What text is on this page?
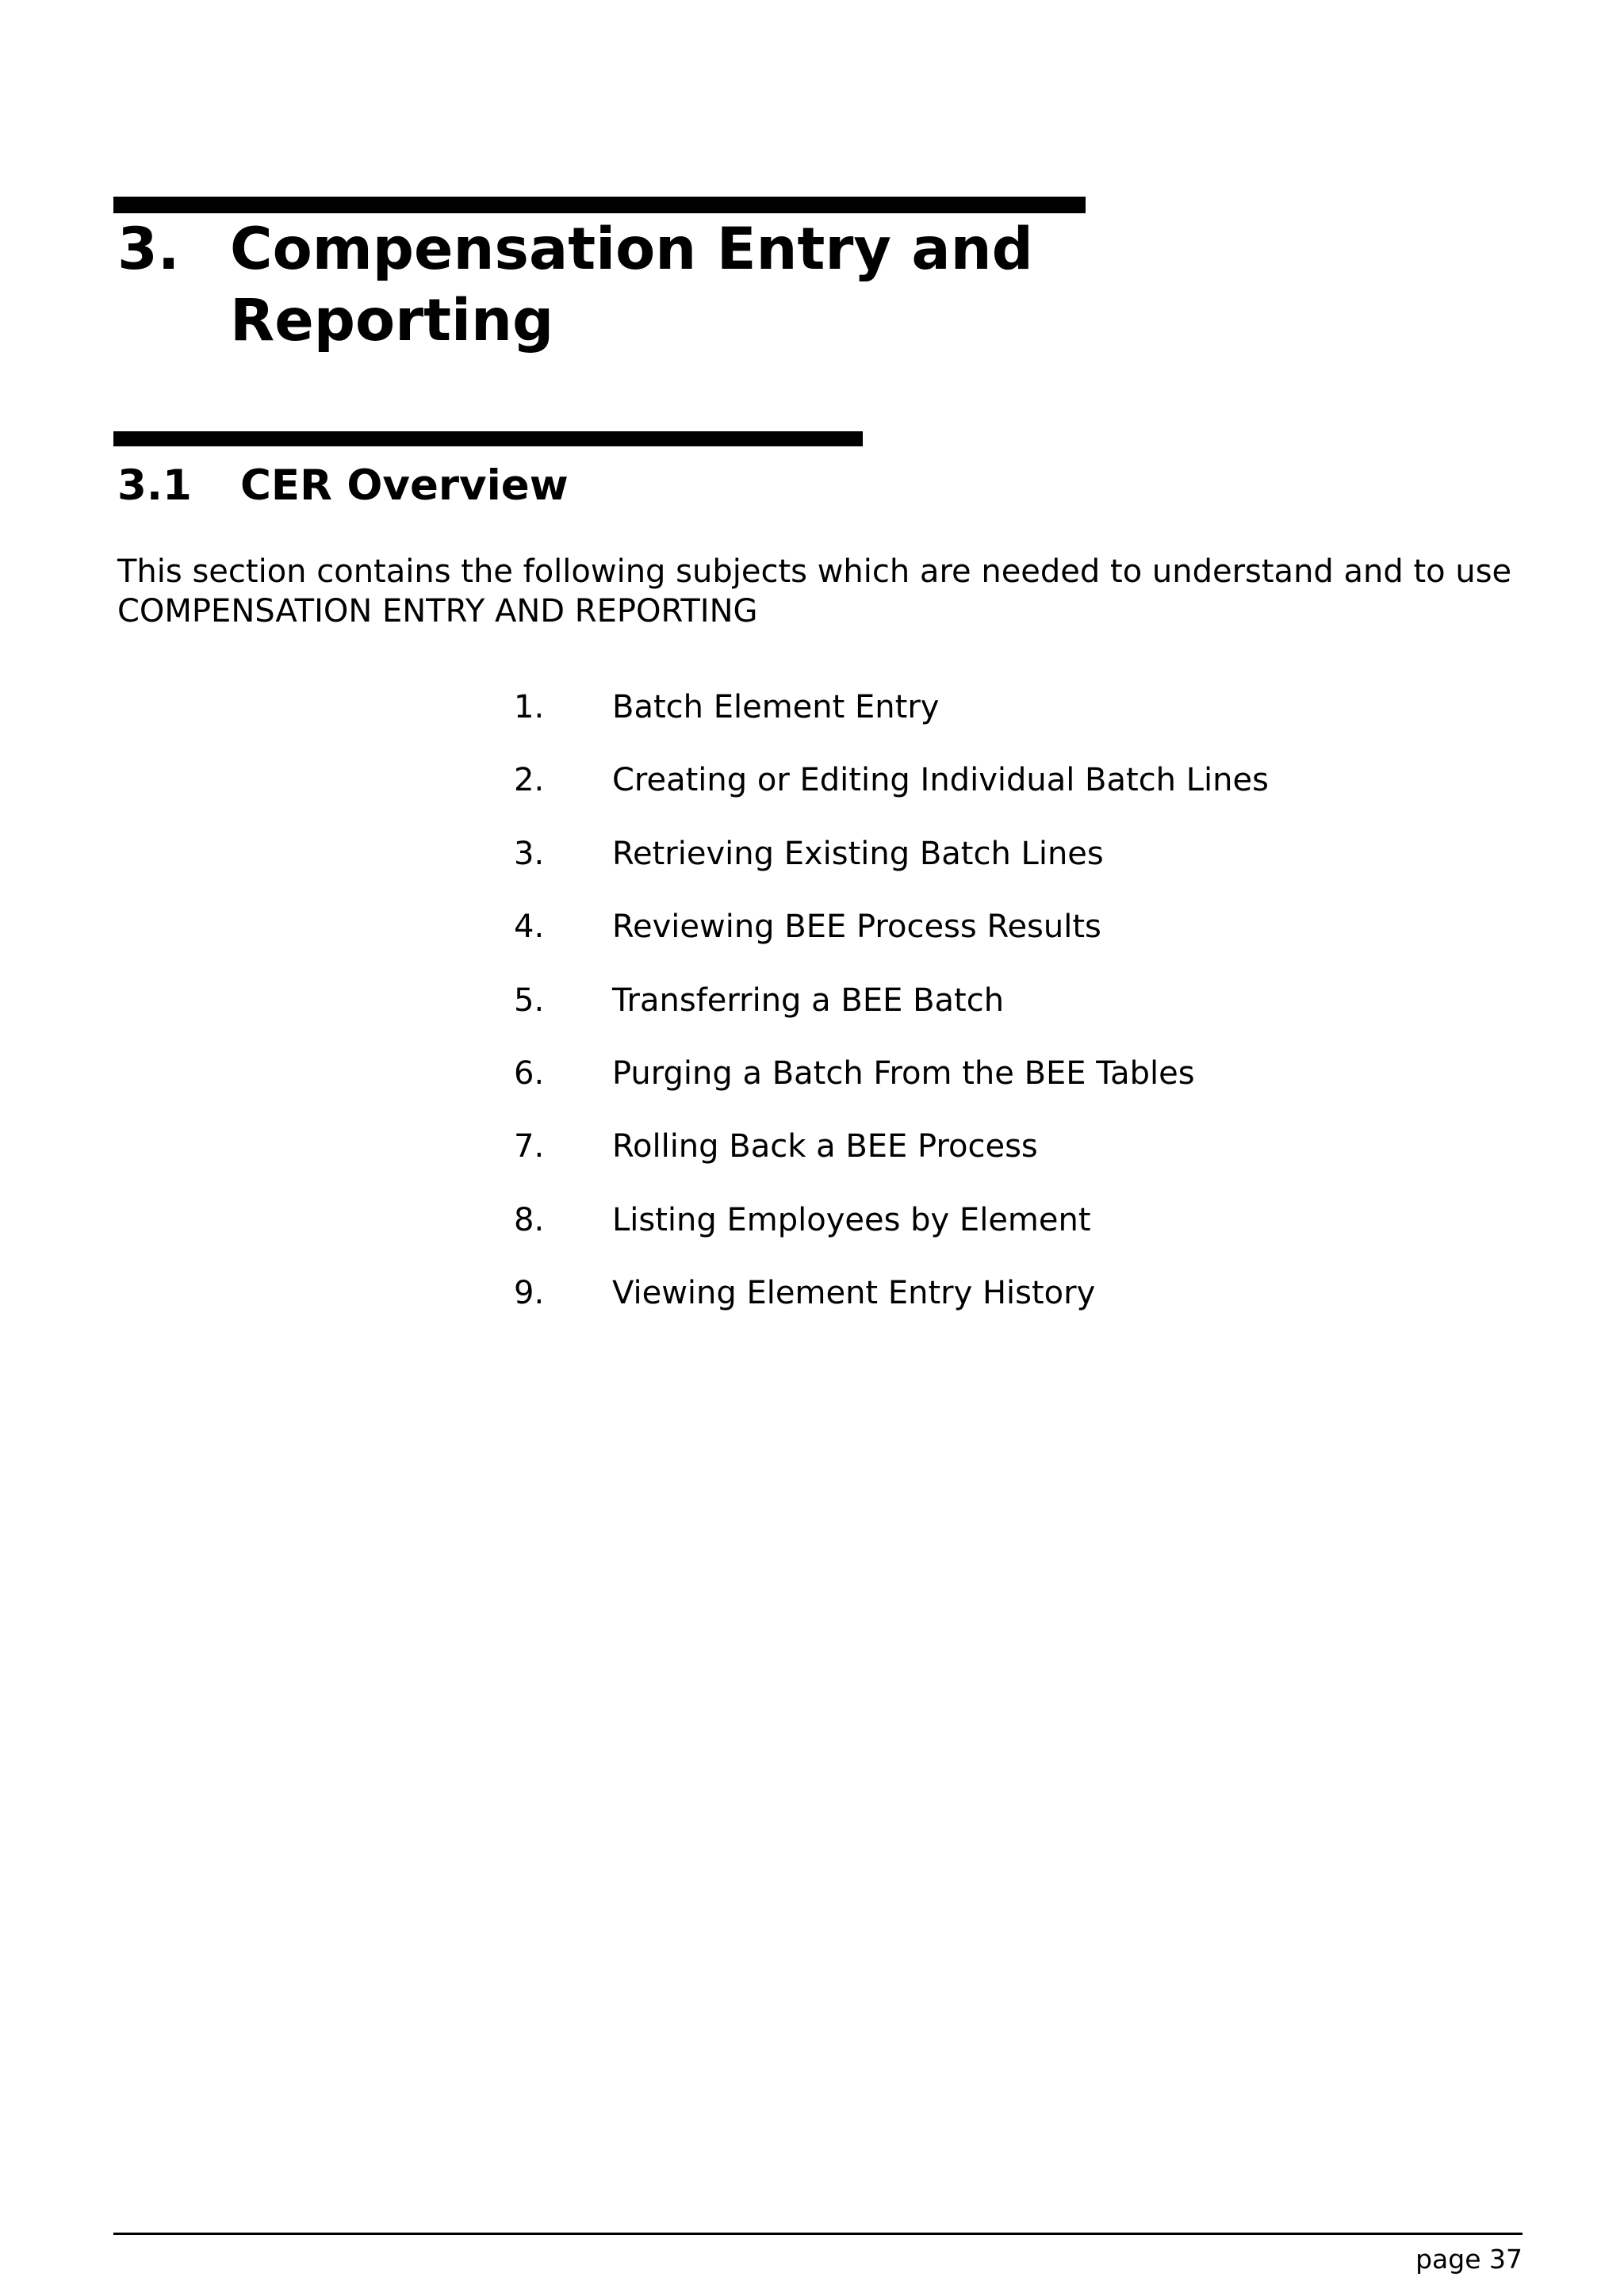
3. Compensation Entry and Reporting
3.1 CER Overview

This section contains the following subjects which are needed to understand and to use COMPENSATION ENTRY AND REPORTING

1. Batch Element Entry
2. Creating or Editing Individual Batch Lines
3. Retrieving Existing Batch Lines
4. Reviewing BEE Process Results
5. Transferring a BEE Batch
6. Purging a Batch From the BEE Tables
7. Rolling Back a BEE Process
8. Listing Employees by Element
9. Viewing Element Entry History
page 37
